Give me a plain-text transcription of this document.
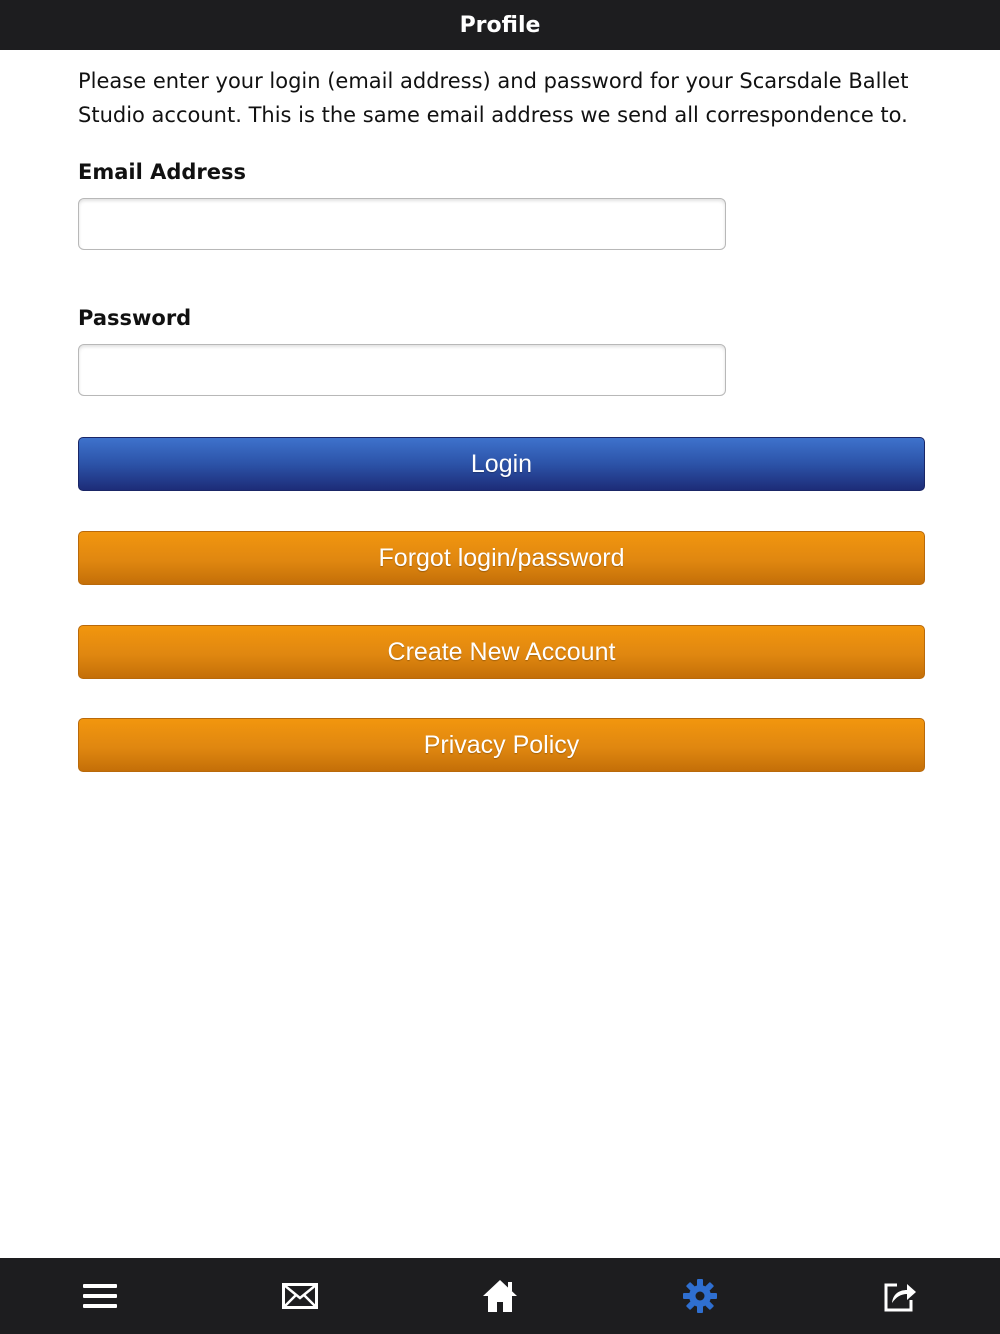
Profile

Please enter your login (email address) and password for your Scarsdale Ballet Studio account. This is the same email address we send all correspondence to.

Email Address
Password
Login
Forgot login/password
Create New Account
Privacy Policy
